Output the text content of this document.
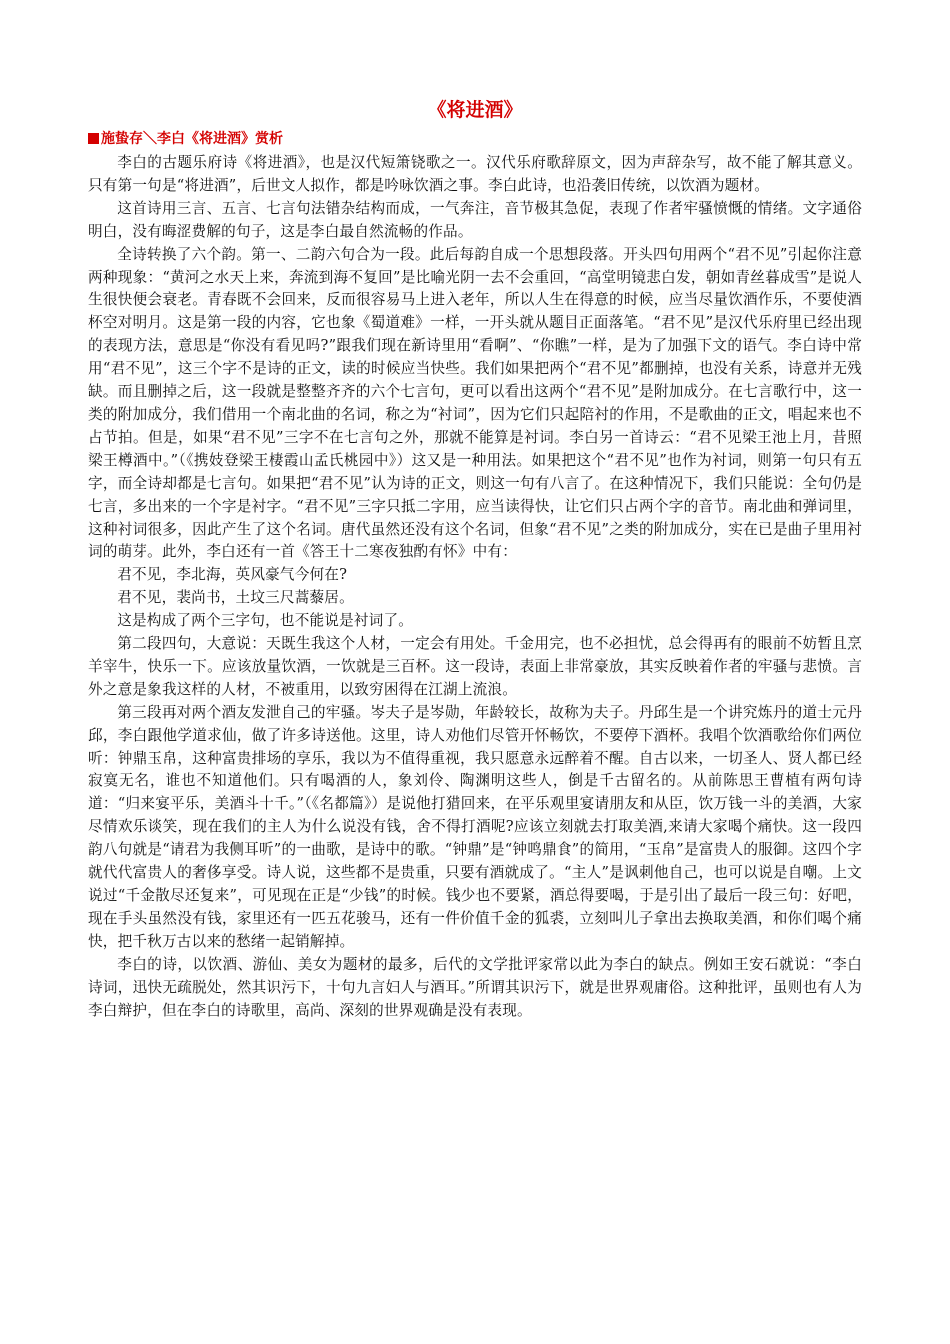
《将进酒》
施蛰存＼李白《将进酒》赏析

李白的古题乐府诗《将进酒》，也是汉代短箫铙歌之一。汉代乐府歌辞原文，因为声辞杂写，故不能了解其意义。只有第一句是“将进酒”，后世文人拟作，都是吟咏饮酒之事。李白此诗，也沿袭旧传统，以饮酒为题材。

这首诗用三言、五言、七言句法错杂结构而成，一气奔注，音节极其急促，表现了作者牢骚愤慨的情绪。文字通俗明白，没有晦涩费解的句子，这是李白最自然流畅的作品。

全诗转换了六个韵。第一、二韵六句合为一段。此后每韵自成一个思想段落。开头四句用两个“君不见”引起你注意两种现象：“黄河之水天上来，奔流到海不复回”是比喻光阴一去不会重回，“高堂明镜悲白发，朝如青丝暮成雪”是说人生很快便会衰老。青春既不会回来，反而很容易马上进入老年，所以人生在得意的时候，应当尽量饮酒作乐，不要使酒杯空对明月。这是第一段的内容，它也象《蜀道难》一样，一开头就从题目正面落笔。“君不见”是汉代乐府里已经出现的表现方法，意思是“你没有看见吗?”跟我们现在新诗里用“看啊”、“你瞧”一样，是为了加强下文的语气。李白诗中常用“君不见”，这三个字不是诗的正文，读的时候应当快些。我们如果把两个“君不见”都删掉，也没有关系，诗意并无残缺。而且删掉之后，这一段就是整整齐齐的六个七言句，更可以看出这两个“君不见”是附加成分。在七言歌行中，这一类的附加成分，我们借用一个南北曲的名词，称之为“衬词”，因为它们只起陪衬的作用，不是歌曲的正文，唱起来也不占节拍。但是，如果“君不见”三字不在七言句之外，那就不能算是衬词。李白另一首诗云：“君不见梁王池上月，昔照梁王樽酒中。”（《携妓登梁王棲霞山孟氏桃园中》）这又是一种用法。如果把这个“君不见”也作为衬词，则第一句只有五字，而全诗却都是七言句。如果把“君不见”认为诗的正文，则这一句有八言了。在这种情况下，我们只能说：全句仍是七言，多出来的一个字是衬字。“君不见”三字只抵二字用，应当读得快，让它们只占两个字的音节。南北曲和弹词里，这种衬词很多，因此产生了这个名词。唐代虽然还没有这个名词，但象“君不见”之类的附加成分，实在已是曲子里用衬词的萌芽。此外，李白还有一首《答王十二寒夜独酌有怀》中有：

君不见，李北海，英风豪气今何在?

君不见，裴尚书，土坟三尺蒿藜居。

这是构成了两个三字句，也不能说是衬词了。

第二段四句，大意说：天既生我这个人材，一定会有用处。千金用完，也不必担忧，总会得再有的眼前不妨暂且烹羊宰牛，快乐一下。应该放量饮酒，一饮就是三百杯。这一段诗，表面上非常豪放，其实反映着作者的牢骚与悲愤。言外之意是象我这样的人材，不被重用，以致穷困得在江湖上流浪。

第三段再对两个酒友发泄自己的牢骚。岑夫子是岑勋，年龄较长，故称为夫子。丹邱生是一个讲究炼丹的道士元丹邱，李白跟他学道求仙，做了许多诗送他。这里，诗人劝他们尽管开怀畅饮，不要停下酒杯。我唱个饮酒歌给你们两位听：钟鼎玉帛，这种富贵排场的享乐，我以为不值得重视，我只愿意永远醉着不醒。自古以来，一切圣人、贤人都已经寂寞无名，谁也不知道他们。只有喝酒的人，象刘伶、陶渊明这些人，倒是千古留名的。从前陈思王曹植有两句诗道：“归来宴平乐，美酒斗十千。”（《名都篇》）是说他打猎回来，在平乐观里宴请朋友和从臣，饮万钱一斗的美酒，大家尽情欢乐谈笑，现在我们的主人为什么说没有钱，舍不得打酒呢?应该立刻就去打取美酒,来请大家喝个痛快。这一段四韵八句就是“请君为我侧耳听”的一曲歌，是诗中的歌。“钟鼎”是“钟鸣鼎食”的简用，“玉帛”是富贵人的服御。这四个字就代代富贵人的奢侈享受。诗人说，这些都不是贵重，只要有酒就成了。“主人”是讽刺他自己，也可以说是自嘲。上文说过“千金散尽还复来”，可见现在正是“少钱”的时候。钱少也不要紧，酒总得要喝，于是引出了最后一段三句：好吧，现在手头虽然没有钱，家里还有一匹五花骏马，还有一件价值千金的狐裘，立刻叫儿子拿出去换取美酒，和你们喝个痛快，把千秋万古以来的愁绪一起销解掉。

李白的诗，以饮酒、游仙、美女为题材的最多，后代的文学批评家常以此为李白的缺点。例如王安石就说：“李白诗词，迅快无疏脱处，然其识污下，十句九言妇人与酒耳。”所谓其识污下，就是世界观庸俗。这种批评，虽则也有人为李白辩护，但在李白的诗歌里，高尚、深刻的世界观确是没有表现。
